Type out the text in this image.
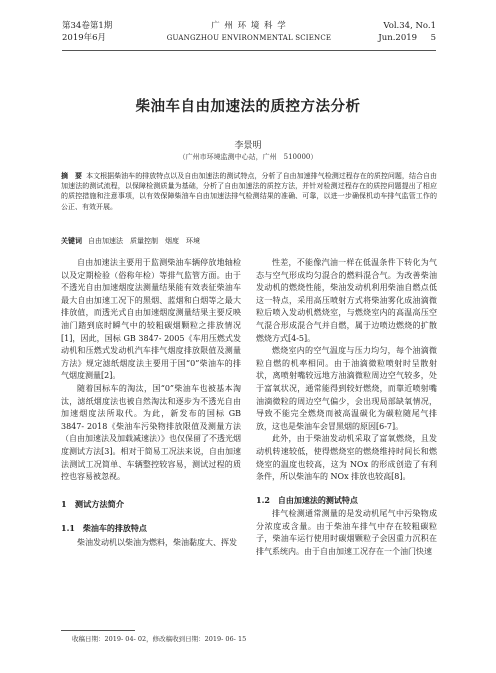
第34卷第1期
2019年6月
广 州 环 境 科 学
GUANGZHOU ENVIRONMENTAL SCIENCE
Vol.34, No.1
Jun.2019 5
柴油车自由加速法的质控方法分析
李景明
（广州市环境监测中心站，广州　510000）
摘　要 本文根据柴油车的排放特点以及自由加速法的测试特点，分析了自由加速排气检测过程存在的质控问题，结合自由加速法的测试流程，以保障检测质量为基础，分析了自由加速法的质控方法，并针对检测过程存在的质控问题提出了相应的质控措施和注意事项，以有效保障柴油车自由加速法排气检测结果的准确、可靠，以进一步确保机动车排气监管工作的公正、有效开展。
关键词 自由加速法　质量控制　烟度　环境

自由加速法主要用于监测柴油车辆停放地轴检以及定期检验（俗称年检）等排气监管方面。由于不透光自由加速烟度法测量结果能有效表征柴油车最大自由加速工况下的黑烟、蓝烟和白烟等之最大排放值，而透光式自由加速烟度测量结果主要反映油门踏到底时瞬气中的较粗碳烟颗粒之排放情况[1]，因此，国标 GB 3847- 2005《车用压燃式发动机和压燃式发动机汽车排气烟度排放限值及测量方法》规定滤纸烟度法主要用于国“0”柴油车的排气烟度测量[2]。

随着国标车的淘汰，国“0”柴油车也被基本淘汰，滤纸烟度法也被自然淘汰和逐步为不透光自由加速烟度法所取代。为此，新发布的国标 GB 3847- 2018《柴油车污染物排放限值及测量方法（自由加速法及加载减速法）》也仅保留了不透光烟度测试方法[3]。相对于简易工况法来说，自由加速法测试工况简单、车辆整控较容易，测试过程的质控也容易被忽视。

1　测试方法简介
1.1　柴油车的排放特点

柴油发动机以柴油为燃料，柴油黏度大、挥发

性差，不能像汽油一样在低温条件下转化为气态与空气形成均匀混合的燃料混合气。为改善柴油发动机的燃烧性能，柴油发动机利用柴油自燃点低这一特点，采用高压喷射方式将柴油雾化成油滴微粒后喷入发动机燃烧室，与燃烧室内的高温高压空气混合形成混合气并自燃，属于边喷边燃烧的扩散燃烧方式[4-5]。

燃烧室内的空气温度与压力均匀，每个油滴微粒自燃的机率相同。由于油滴微粒喷射时呈散射状，离喷射嘴较远地方油滴微粒周边空气较多，处于富氧状况，通常能得到较好燃烧，而靠近喷射嘴油滴微粒的周边空气偏少，会出现局部缺氧情况，导致不能完全燃烧而被高温碳化为碳粒随尾气排放，这也是柴油车会冒黑烟的原因[6-7]。

此外，由于柴油发动机采取了富氧燃烧，且发动机转速较低，使得燃烧室的燃烧维持时间长和燃烧室的温度也较高，这为 NOx 的形成创造了有利条件，所以柴油车的 NOx 排放也较高[8]。

1.2　自由加速法的测试特点

排气检测通常测量的是发动机尾气中污染物成分浓度或含量。由于柴油车排气中存在较粗碳粒子，柴油车运行使用时碳烟颗粒子会因重力沉积在排气系统内。由于自由加速工况存在一个油门快速

收稿日期：2019- 04- 02，修改稿收到日期：2019- 06- 15
